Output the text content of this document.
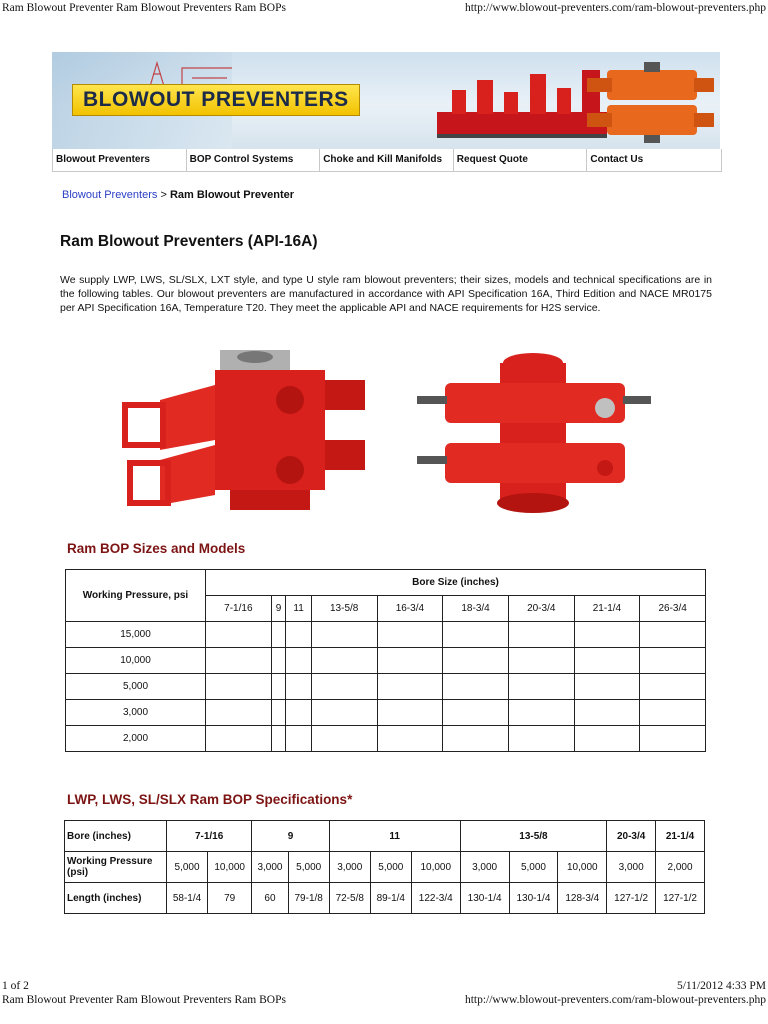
Ram Blowout Preventer Ram Blowout Preventers Ram BOPs	http://www.blowout-preventers.com/ram-blowout-preventers.php
BLOWOUT PREVENTERS
Blowout Preventers	BOP Control Systems	Choke and Kill Manifolds	Request Quote	Contact Us
Blowout Preventers > Ram Blowout Preventer
Ram Blowout Preventers (API-16A)

We supply LWP, LWS, SL/SLX, LXT style, and type U style ram blowout preventers; their sizes, models and technical specifications are in the following tables. Our blowout preventers are manufactured in accordance with API Specification 16A, Third Edition and NACE MR0175 per API Specification 16A, Temperature T20. They meet the applicable API and NACE requirements for H2S service.

Ram BOP Sizes and Models
Working Pressure, psi	Bore Size (inches)								
	7-1/16	9	11	13-5/8	16-3/4	18-3/4	20-3/4	21-1/4	26-3/4
15,000									
10,000									
5,000									
3,000									
2,000									
LWP, LWS, SL/SLX Ram BOP Specifications*
Bore (inches)	7-1/16		9		11			13-5/8			20-3/4	21-1/4
Working Pressure (psi)	5,000	10,000	3,000	5,000	3,000	5,000	10,000	3,000	5,000	10,000	3,000	2,000
Length (inches)	58-1/4	79	60	79-1/8	72-5/8	89-1/4	122-3/4	130-1/4	130-1/4	128-3/4	127-1/2	127-1/2
1 of 2	5/11/2012 4:33 PM
Ram Blowout Preventer Ram Blowout Preventers Ram BOPs	http://www.blowout-preventers.com/ram-blowout-preventers.php
